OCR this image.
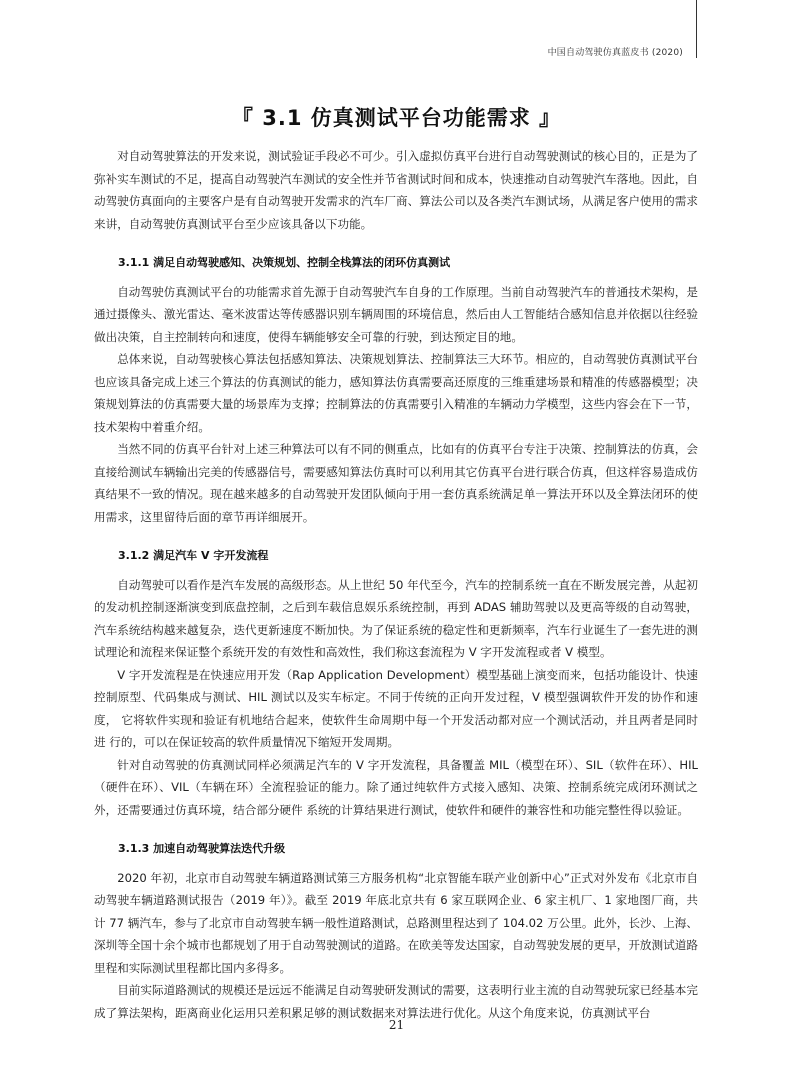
中国自动驾驶仿真蓝皮书 (2020)
『 3.1 仿真测试平台功能需求 』

对自动驾驶算法的开发来说，测试验证手段必不可少。引入虚拟仿真平台进行自动驾驶测试的核心目的，正是为了弥补实车测试的不足，提高自动驾驶汽车测试的安全性并节省测试时间和成本，快速推动自动驾驶汽车落地。因此，自动驾驶仿真面向的主要客户是有自动驾驶开发需求的汽车厂商、算法公司以及各类汽车测试场，从满足客户使用的需求来讲，自动驾驶仿真测试平台至少应该具备以下功能。

3.1.1 满足自动驾驶感知、决策规划、控制全栈算法的闭环仿真测试

自动驾驶仿真测试平台的功能需求首先源于自动驾驶汽车自身的工作原理。当前自动驾驶汽车的普通技术架构，是通过摄像头、激光雷达、毫米波雷达等传感器识别车辆周围的环境信息，然后由人工智能结合感知信息并依据以往经验做出决策，自主控制转向和速度，使得车辆能够安全可靠的行驶，到达预定目的地。

总体来说，自动驾驶核心算法包括感知算法、决策规划算法、控制算法三大环节。相应的，自动驾驶仿真测试平台也应该具备完成上述三个算法的仿真测试的能力，感知算法仿真需要高还原度的三维重建场景和精准的传感器模型；决策规划算法的仿真需要大量的场景库为支撑；控制算法的仿真需要引入精准的车辆动力学模型，这些内容会在下一节，技术架构中着重介绍。

当然不同的仿真平台针对上述三种算法可以有不同的侧重点，比如有的仿真平台专注于决策、控制算法的仿真，会直接给测试车辆输出完美的传感器信号，需要感知算法仿真时可以利用其它仿真平台进行联合仿真，但这样容易造成仿真结果不一致的情况。现在越来越多的自动驾驶开发团队倾向于用一套仿真系统满足单一算法开环以及全算法闭环的使用需求，这里留待后面的章节再详细展开。

3.1.2 满足汽车 V 字开发流程

自动驾驶可以看作是汽车发展的高级形态。从上世纪 50 年代至今，汽车的控制系统一直在不断发展完善，从起初的发动机控制逐渐演变到底盘控制，之后到车载信息娱乐系统控制，再到 ADAS 辅助驾驶以及更高等级的自动驾驶，汽车系统结构越来越复杂，迭代更新速度不断加快。为了保证系统的稳定性和更新频率，汽车行业诞生了一套先进的测试理论和流程来保证整个系统开发的有效性和高效性，我们称这套流程为 V 字开发流程或者 V 模型。

V 字开发流程是在快速应用开发（Rap Application Development）模型基础上演变而来，包括功能设计、快速 控制原型、代码集成与测试、HIL 测试以及实车标定。不同于传统的正向开发过程，V 模型强调软件开发的协作和速度， 它将软件实现和验证有机地结合起来，使软件生命周期中每一个开发活动都对应一个测试活动，并且两者是同时进 行的，可以在保证较高的软件质量情况下缩短开发周期。

针对自动驾驶的仿真测试同样必须满足汽车的 V 字开发流程，具备覆盖 MIL（模型在环）、SIL（软件在环）、HIL（硬件在环）、VIL（车辆在环）全流程验证的能力。除了通过纯软件方式接入感知、决策、控制系统完成闭环测试之外，还需要通过仿真环境，结合部分硬件 系统的计算结果进行测试，使软件和硬件的兼容性和功能完整性得以验证。

3.1.3 加速自动驾驶算法迭代升级

2020 年初，北京市自动驾驶车辆道路测试第三方服务机构“北京智能车联产业创新中心”正式对外发布《北京市自动驾驶车辆道路测试报告（2019 年）》。截至 2019 年底北京共有 6 家互联网企业、6 家主机厂、1 家地图厂商，共计 77 辆汽车，参与了北京市自动驾驶车辆一般性道路测试，总路测里程达到了 104.02 万公里。此外，长沙、上海、深圳等全国十余个城市也都规划了用于自动驾驶测试的道路。在欧美等发达国家，自动驾驶发展的更早，开放测试道路里程和实际测试里程都比国内多得多。

目前实际道路测试的规模还是远远不能满足自动驾驶研发测试的需要，这表明行业主流的自动驾驶玩家已经基本完成了算法架构，距离商业化运用只差积累足够的测试数据来对算法进行优化。从这个角度来说，仿真测试平台

21
